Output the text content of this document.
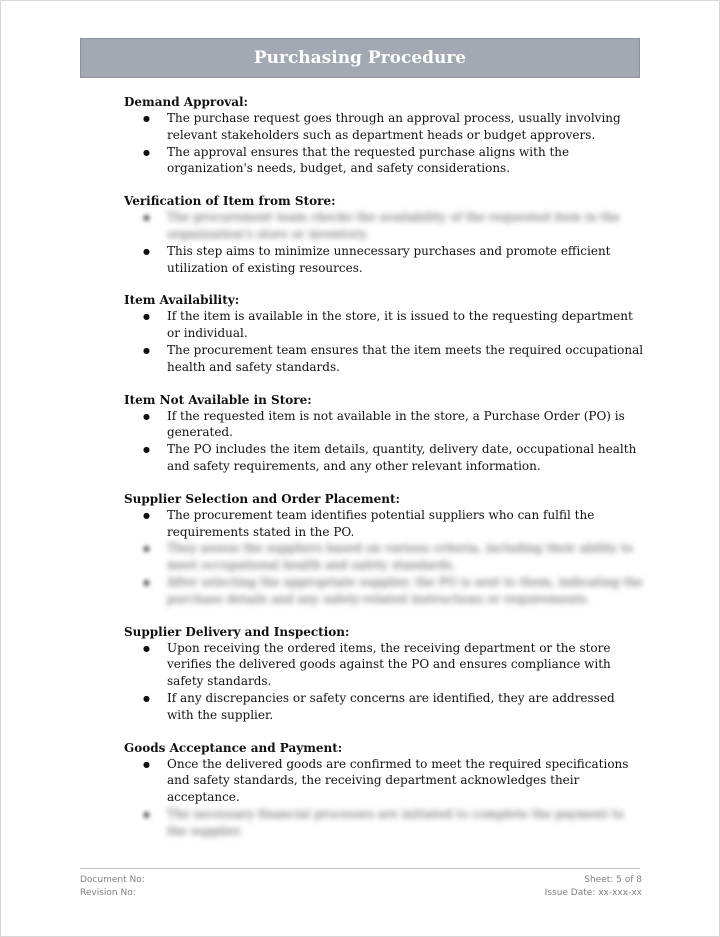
Purchasing Procedure

Demand Approval:

● The purchase request goes through an approval process, usually involving relevant stakeholders such as department heads or budget approvers.
● The approval ensures that the requested purchase aligns with the organization's needs, budget, and safety considerations.

Verification of Item from Store:

● The procurement team checks the availability of the requested item in the organization's store or inventory.
● This step aims to minimize unnecessary purchases and promote efficient utilization of existing resources.

Item Availability:

● If the item is available in the store, it is issued to the requesting department or individual.
● The procurement team ensures that the item meets the required occupational health and safety standards.

Item Not Available in Store:

● If the requested item is not available in the store, a Purchase Order (PO) is generated.
● The PO includes the item details, quantity, delivery date, occupational health and safety requirements, and any other relevant information.

Supplier Selection and Order Placement:

● The procurement team identifies potential suppliers who can fulfil the requirements stated in the PO.
● They assess the suppliers based on various criteria, including their ability to meet occupational health and safety standards.
● After selecting the appropriate supplier, the PO is sent to them, indicating the purchase details and any safety-related instructions or requirements.

Supplier Delivery and Inspection:

● Upon receiving the ordered items, the receiving department or the store verifies the delivered goods against the PO and ensures compliance with safety standards.
● If any discrepancies or safety concerns are identified, they are addressed with the supplier.

Goods Acceptance and Payment:

● Once the delivered goods are confirmed to meet the required specifications and safety standards, the receiving department acknowledges their acceptance.
● The necessary financial processes are initiated to complete the payment to the supplier.
Document No:
Revision No:
Sheet: 5 of 8
Issue Date: xx-xxx-xx
